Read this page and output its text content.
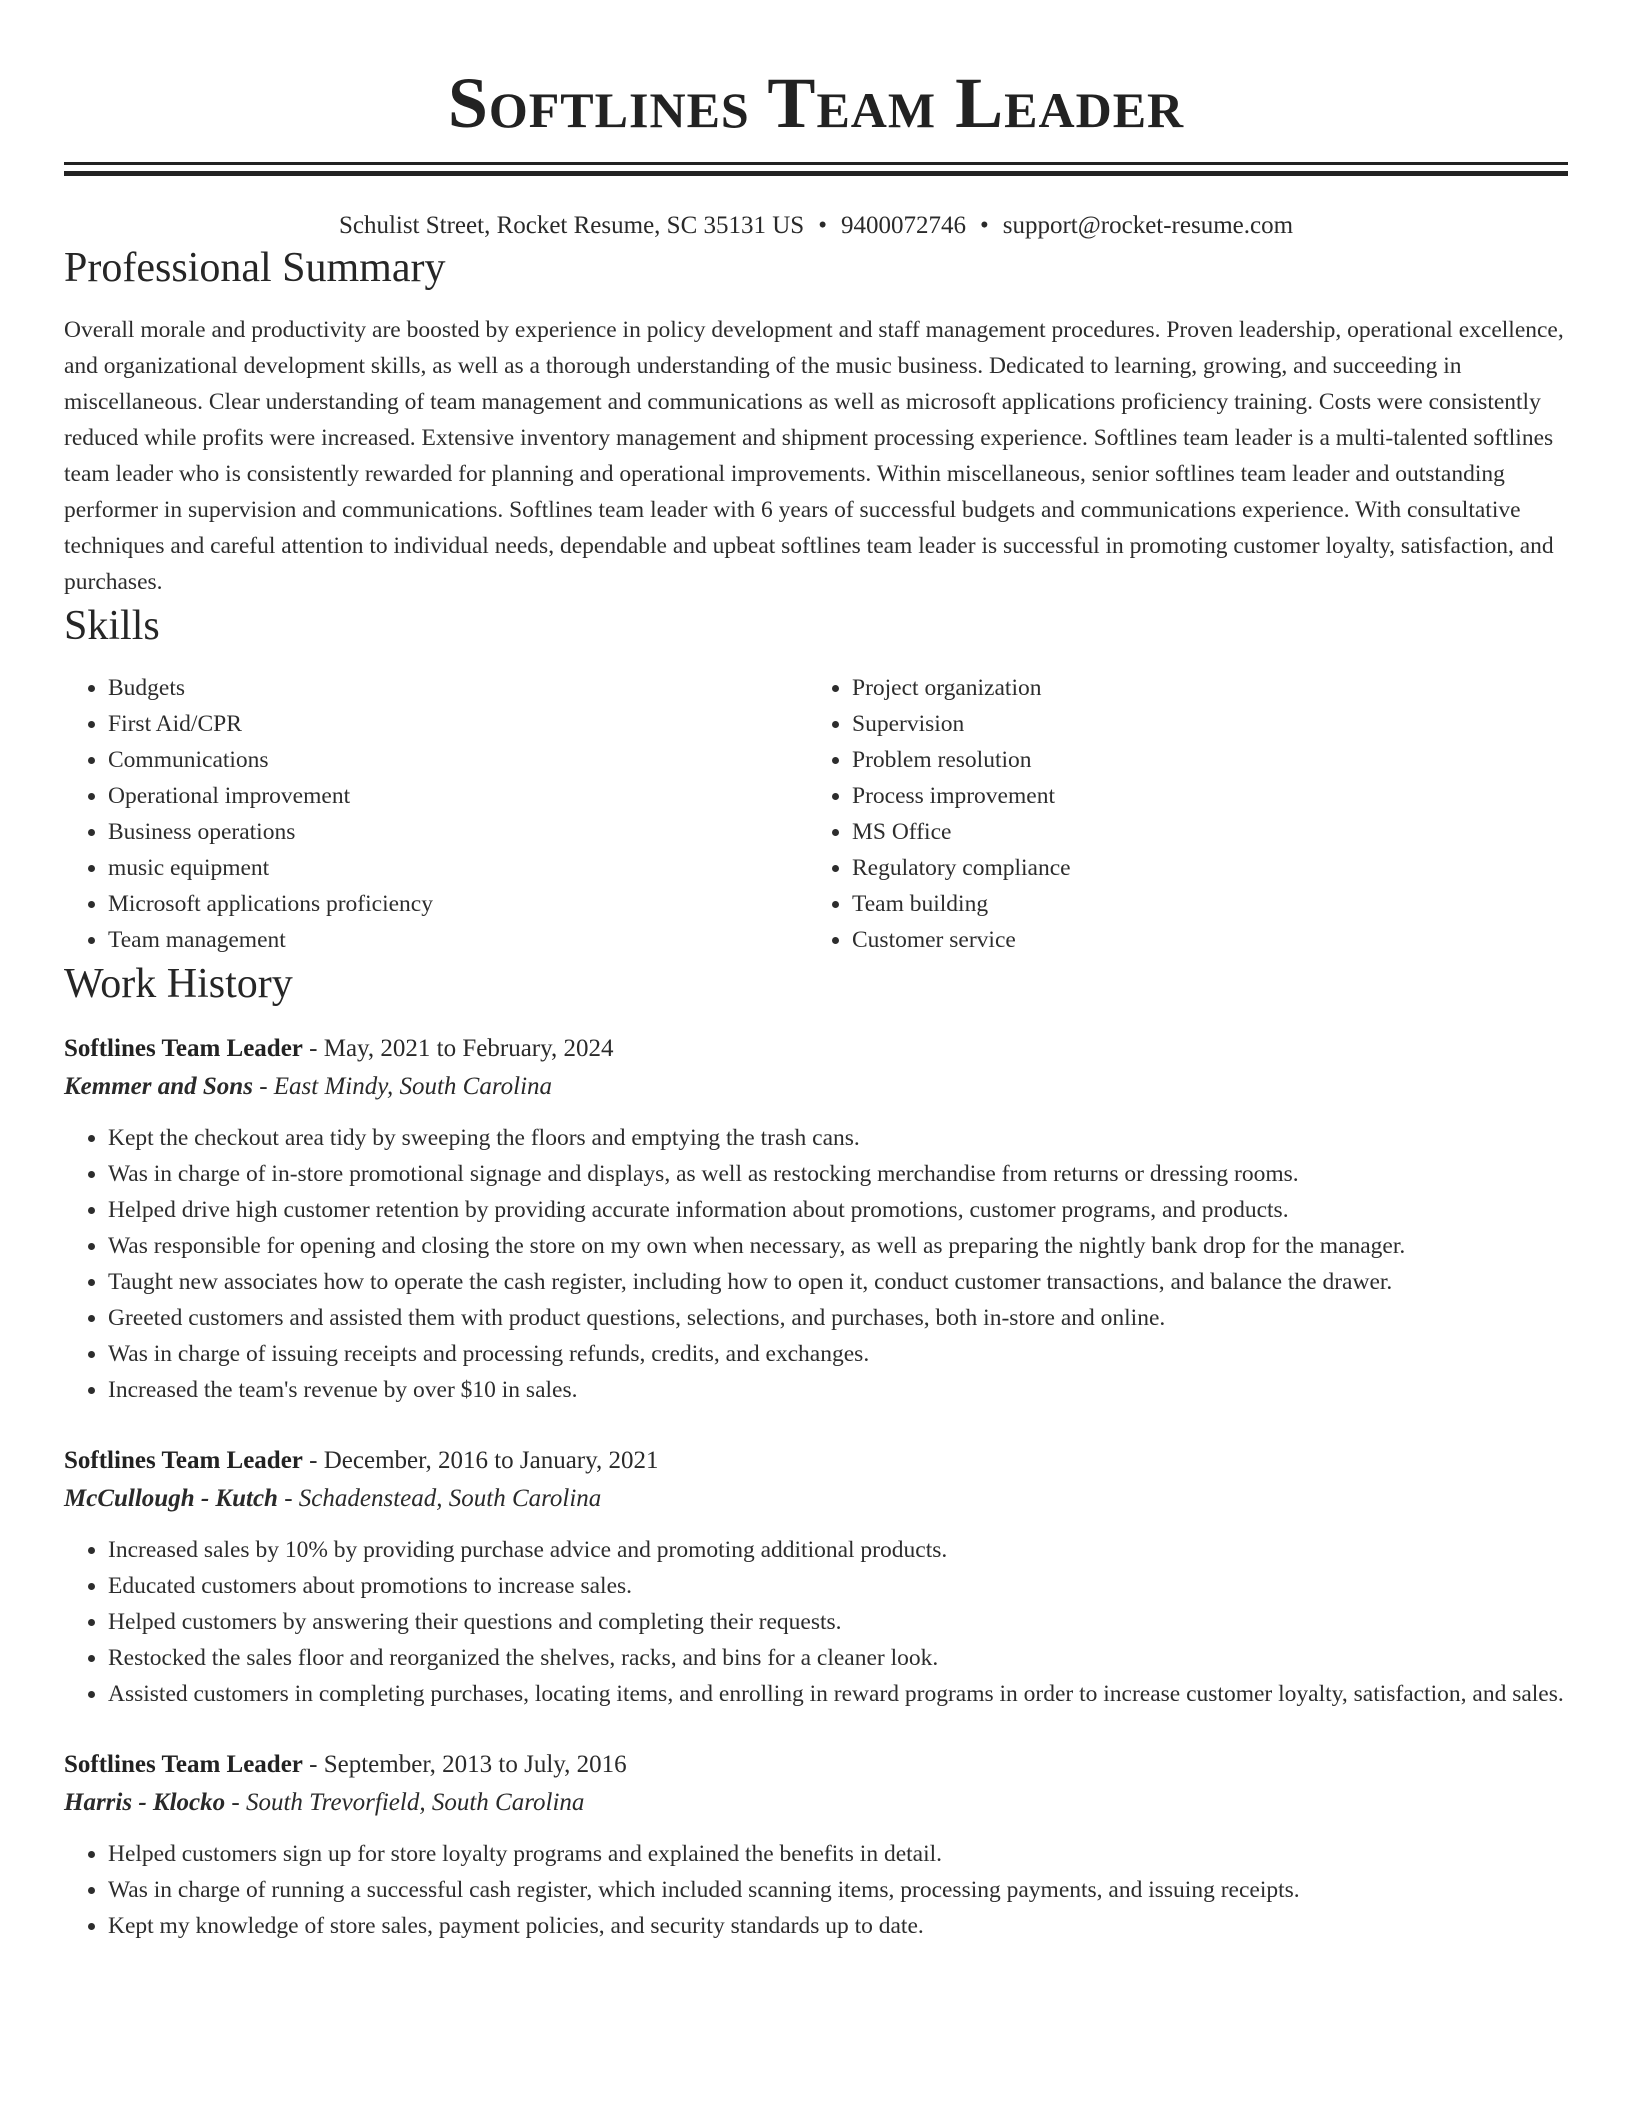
Softlines Team Leader
Schulist Street, Rocket Resume, SC 35131 US • 9400072746 • support@rocket-resume.com
Professional Summary

Overall morale and productivity are boosted by experience in policy development and staff management procedures. Proven leadership, operational excellence, and organizational development skills, as well as a thorough understanding of the music business. Dedicated to learning, growing, and succeeding in miscellaneous. Clear understanding of team management and communications as well as microsoft applications proficiency training. Costs were consistently reduced while profits were increased. Extensive inventory management and shipment processing experience. Softlines team leader is a multi-talented softlines team leader who is consistently rewarded for planning and operational improvements. Within miscellaneous, senior softlines team leader and outstanding performer in supervision and communications. Softlines team leader with 6 years of successful budgets and communications experience. With consultative techniques and careful attention to individual needs, dependable and upbeat softlines team leader is successful in promoting customer loyalty, satisfaction, and purchases.

Skills
• Budgets
• First Aid/CPR
• Communications
• Operational improvement
• Business operations
• music equipment
• Microsoft applications proficiency
• Team management
• Project organization
• Supervision
• Problem resolution
• Process improvement
• MS Office
• Regulatory compliance
• Team building
• Customer service
Work History
Softlines Team Leader - May, 2021 to February, 2024
Kemmer and Sons - East Mindy, South Carolina
• Kept the checkout area tidy by sweeping the floors and emptying the trash cans.
• Was in charge of in-store promotional signage and displays, as well as restocking merchandise from returns or dressing rooms.
• Helped drive high customer retention by providing accurate information about promotions, customer programs, and products.
• Was responsible for opening and closing the store on my own when necessary, as well as preparing the nightly bank drop for the manager.
• Taught new associates how to operate the cash register, including how to open it, conduct customer transactions, and balance the drawer.
• Greeted customers and assisted them with product questions, selections, and purchases, both in-store and online.
• Was in charge of issuing receipts and processing refunds, credits, and exchanges.
• Increased the team's revenue by over $10 in sales.
Softlines Team Leader - December, 2016 to January, 2021
McCullough - Kutch - Schadenstead, South Carolina
• Increased sales by 10% by providing purchase advice and promoting additional products.
• Educated customers about promotions to increase sales.
• Helped customers by answering their questions and completing their requests.
• Restocked the sales floor and reorganized the shelves, racks, and bins for a cleaner look.
• Assisted customers in completing purchases, locating items, and enrolling in reward programs in order to increase customer loyalty, satisfaction, and sales.
Softlines Team Leader - September, 2013 to July, 2016
Harris - Klocko - South Trevorfield, South Carolina
• Helped customers sign up for store loyalty programs and explained the benefits in detail.
• Was in charge of running a successful cash register, which included scanning items, processing payments, and issuing receipts.
• Kept my knowledge of store sales, payment policies, and security standards up to date.
